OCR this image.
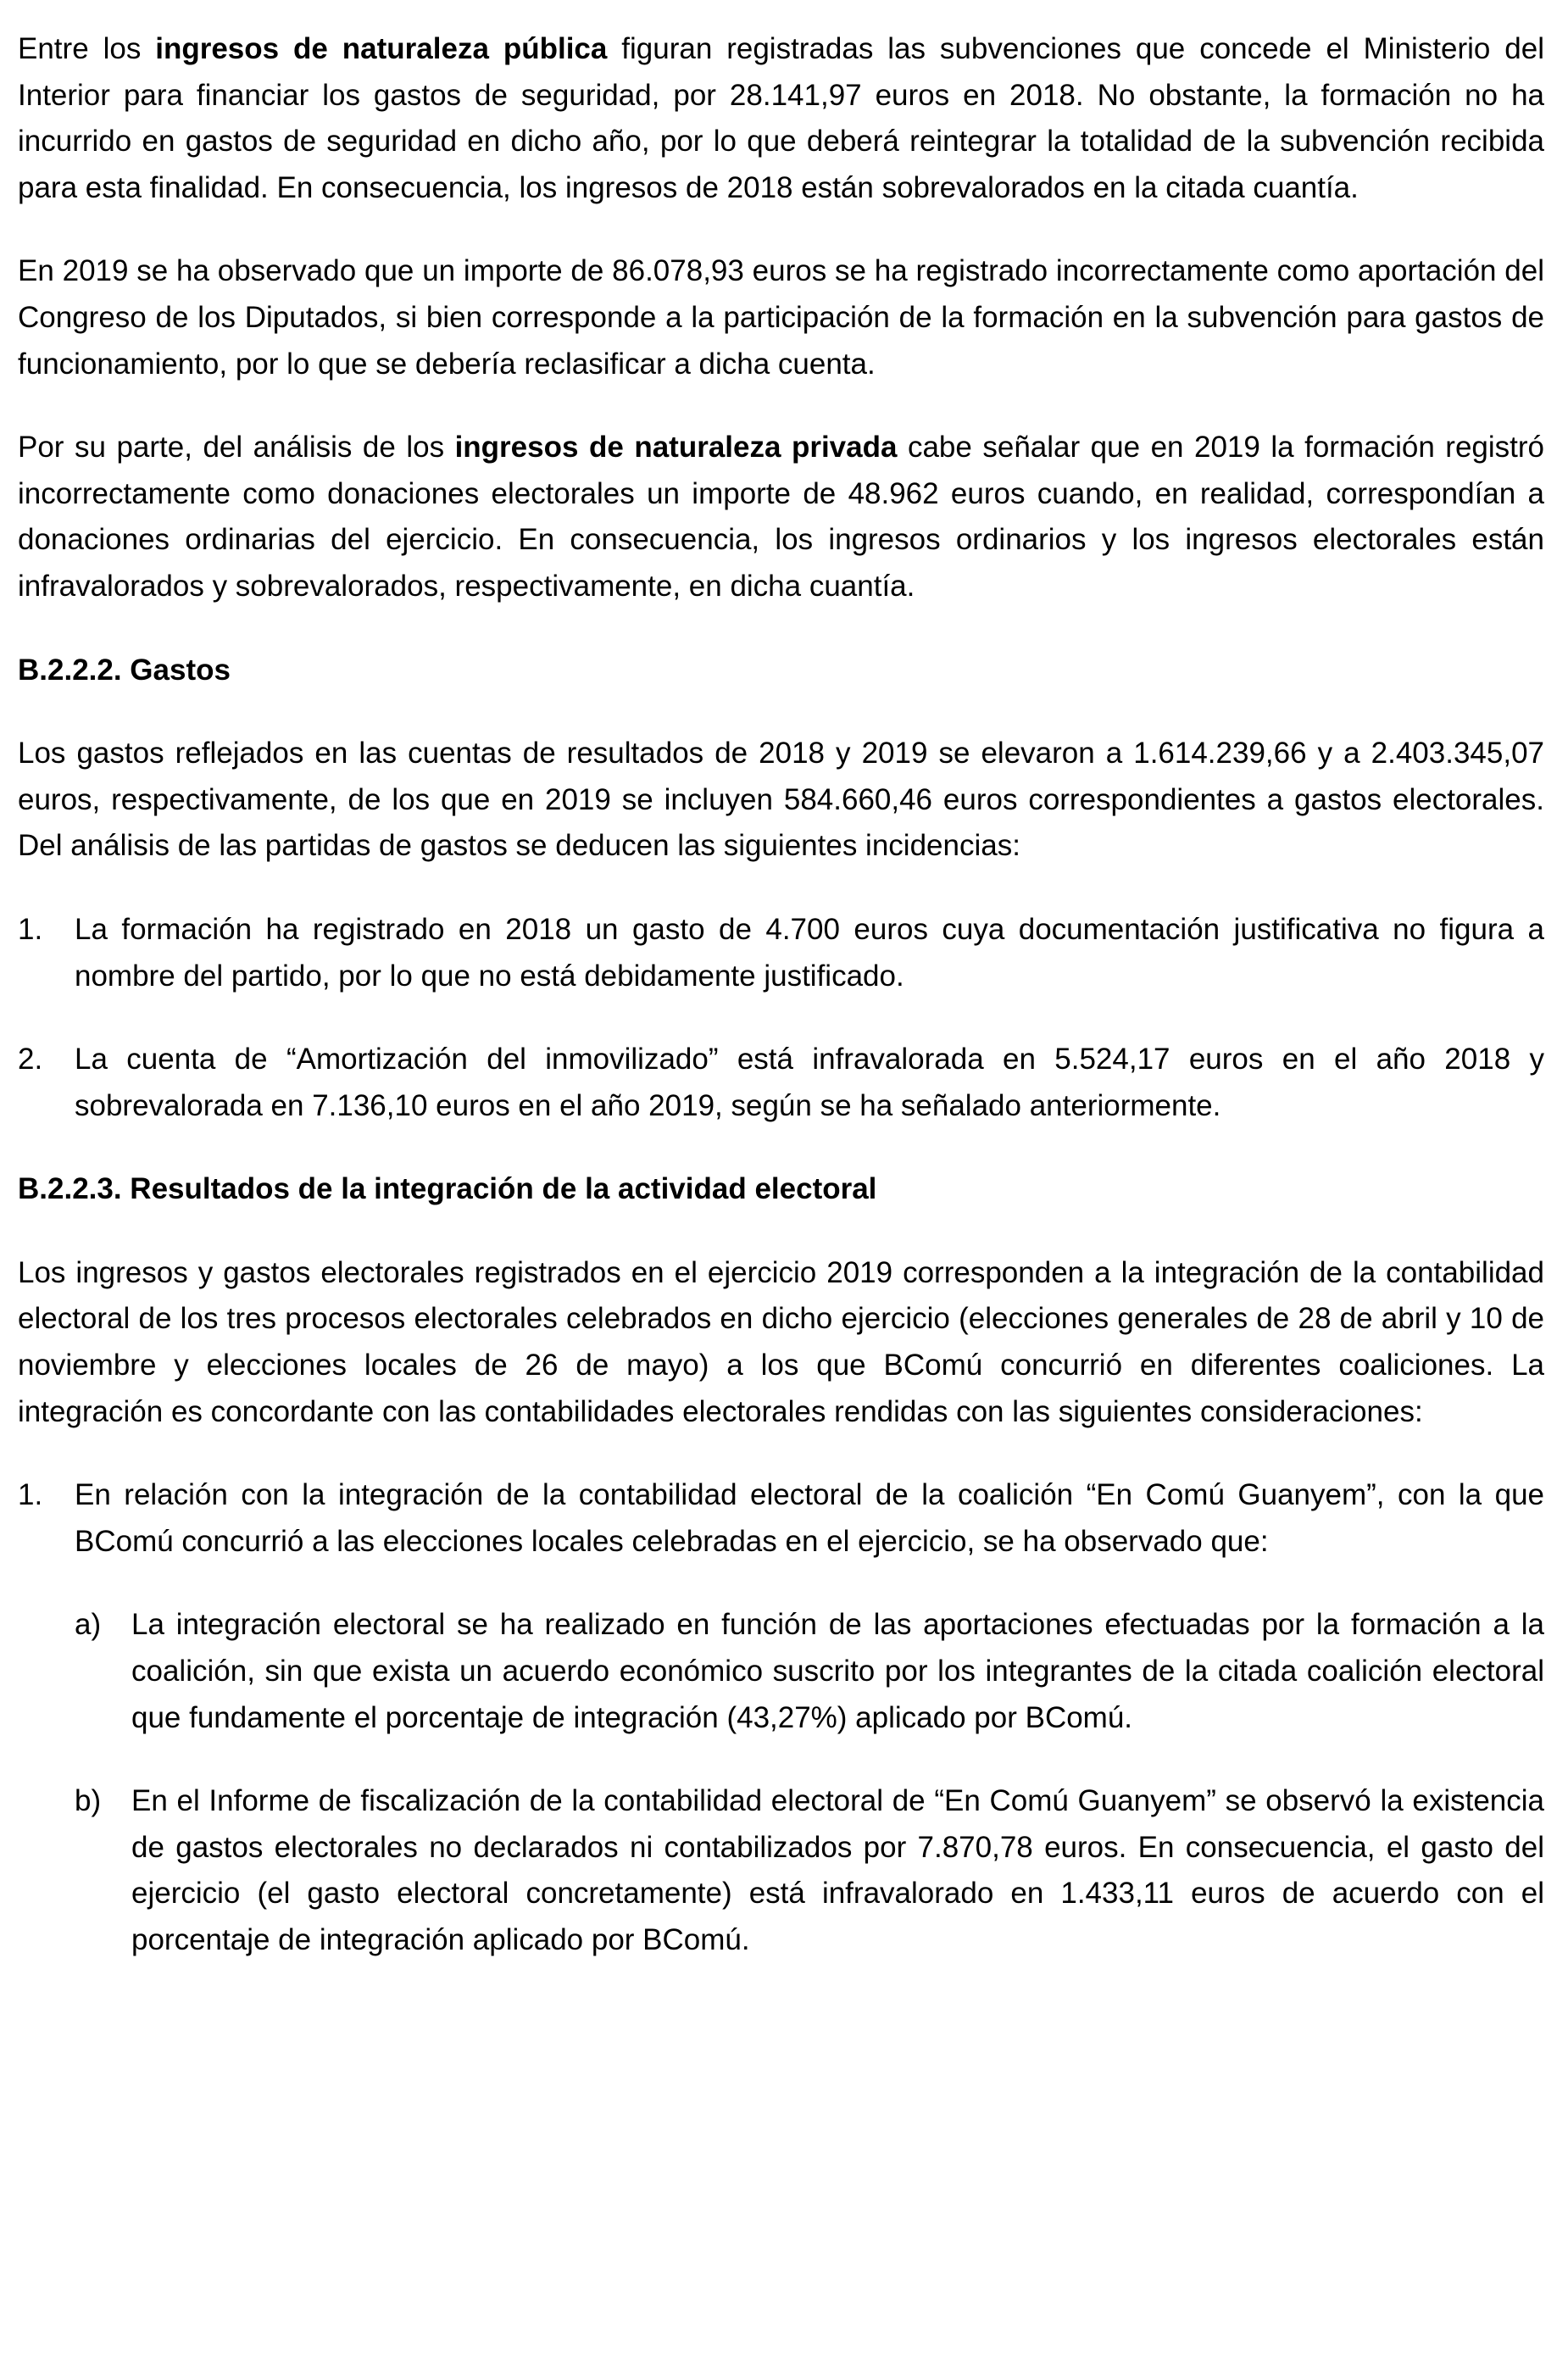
Entre los ingresos de naturaleza pública figuran registradas las subvenciones que concede el Ministerio del Interior para financiar los gastos de seguridad, por 28.141,97 euros en 2018. No obstante, la formación no ha incurrido en gastos de seguridad en dicho año, por lo que deberá reintegrar la totalidad de la subvención recibida para esta finalidad. En consecuencia, los ingresos de 2018 están sobrevalorados en la citada cuantía.

En 2019 se ha observado que un importe de 86.078,93 euros se ha registrado incorrectamente como aportación del Congreso de los Diputados, si bien corresponde a la participación de la formación en la subvención para gastos de funcionamiento, por lo que se debería reclasificar a dicha cuenta.

Por su parte, del análisis de los ingresos de naturaleza privada cabe señalar que en 2019 la formación registró incorrectamente como donaciones electorales un importe de 48.962 euros cuando, en realidad, correspondían a donaciones ordinarias del ejercicio. En consecuencia, los ingresos ordinarios y los ingresos electorales están infravalorados y sobrevalorados, respectivamente, en dicha cuantía.

B.2.2.2. Gastos

Los gastos reflejados en las cuentas de resultados de 2018 y 2019 se elevaron a 1.614.239,66 y a 2.403.345,07 euros, respectivamente, de los que en 2019 se incluyen 584.660,46 euros correspondientes a gastos electorales. Del análisis de las partidas de gastos se deducen las siguientes incidencias:

1.	La formación ha registrado en 2018 un gasto de 4.700 euros cuya documentación justificativa no figura a nombre del partido, por lo que no está debidamente justificado.
2.	La cuenta de “Amortización del inmovilizado” está infravalorada en 5.524,17 euros en el año 2018 y sobrevalorada en 7.136,10 euros en el año 2019, según se ha señalado anteriormente.
B.2.2.3. Resultados de la integración de la actividad electoral

Los ingresos y gastos electorales registrados en el ejercicio 2019 corresponden a la integración de la contabilidad electoral de los tres procesos electorales celebrados en dicho ejercicio (elecciones generales de 28 de abril y 10 de noviembre y elecciones locales de 26 de mayo) a los que BComú concurrió en diferentes coaliciones. La integración es concordante con las contabilidades electorales rendidas con las siguientes consideraciones:

1.	En relación con la integración de la contabilidad electoral de la coalición “En Comú Guanyem”, con la que BComú concurrió a las elecciones locales celebradas en el ejercicio, se ha observado que:
a)	La integración electoral se ha realizado en función de las aportaciones efectuadas por la formación a la coalición, sin que exista un acuerdo económico suscrito por los integrantes de la citada coalición electoral que fundamente el porcentaje de integración (43,27%) aplicado por BComú.
b)	En el Informe de fiscalización de la contabilidad electoral de “En Comú Guanyem” se observó la existencia de gastos electorales no declarados ni contabilizados por 7.870,78 euros. En consecuencia, el gasto del ejercicio (el gasto electoral concretamente) está infravalorado en 1.433,11 euros de acuerdo con el porcentaje de integración aplicado por BComú.
